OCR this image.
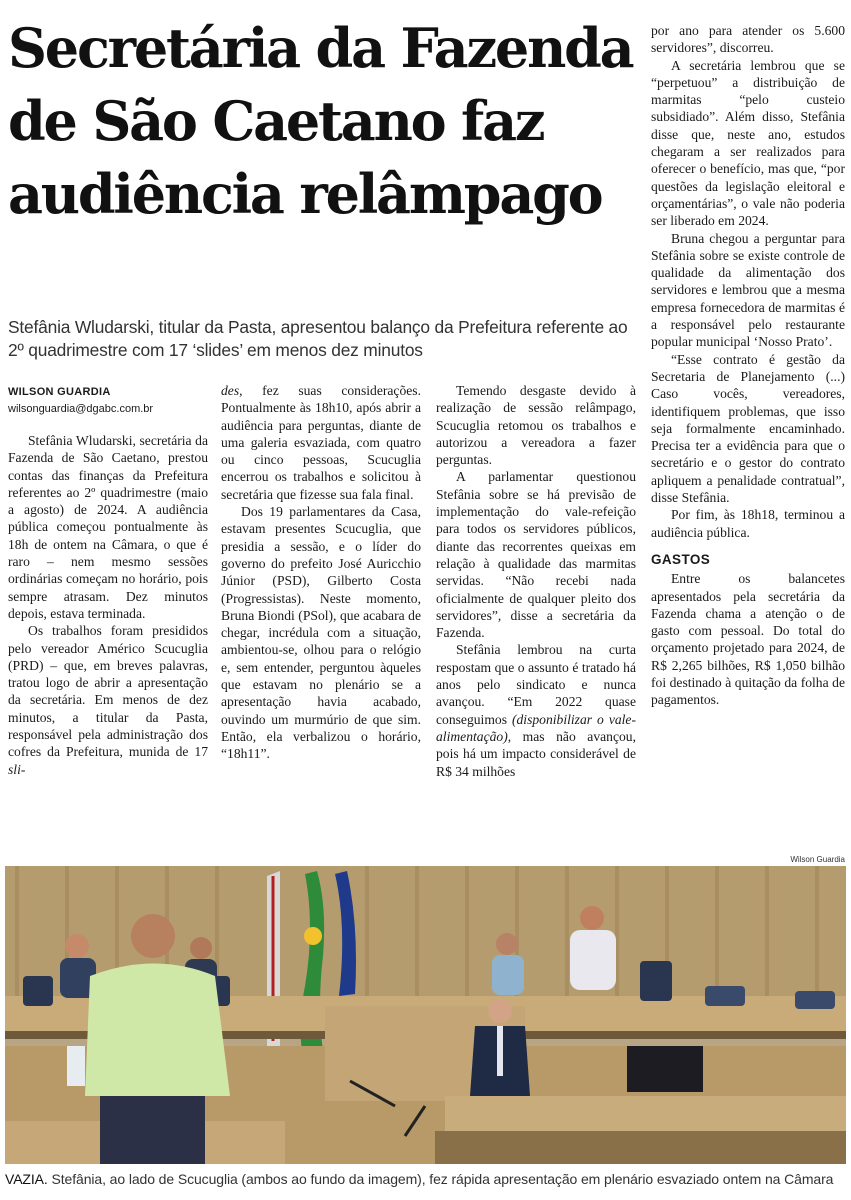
Secretária da Fazenda de São Caetano faz audiência relâmpago

Stefânia Wludarski, titular da Pasta, apresentou balanço da Prefeitura referente ao 2º quadrimestre com 17 ‘slides’ em menos dez minutos

WILSON GUARDIA
wilsonguardia@dgabc.com.br

Stefânia Wludarski, secretária da Fazenda de São Caetano, prestou contas das finanças da Prefeitura referentes ao 2º quadrimestre (maio a agosto) de 2024. A audiência pública começou pontualmente às 18h de ontem na Câmara, o que é raro – nem mesmo sessões ordinárias começam no horário, pois sempre atrasam. Dez minutos depois, estava terminada.

Os trabalhos foram presididos pelo vereador Américo Scucuglia (PRD) – que, em breves palavras, tratou logo de abrir a apresentação da secretária. Em menos de dez minutos, a titular da Pasta, responsável pela administração dos cofres da Prefeitura, munida de 17 sli-

des, fez suas considerações. Pontualmente às 18h10, após abrir a audiência para perguntas, diante de uma galeria esvaziada, com quatro ou cinco pessoas, Scucuglia encerrou os trabalhos e solicitou à secretária que fizesse sua fala final.

Dos 19 parlamentares da Casa, estavam presentes Scucuglia, que presidia a sessão, e o líder do governo do prefeito José Auricchio Júnior (PSD), Gilberto Costa (Progressistas). Neste momento, Bruna Biondi (PSol), que acabara de chegar, incrédula com a situação, ambientou-se, olhou para o relógio e, sem entender, perguntou àqueles que estavam no plenário se a apresentação havia acabado, ouvindo um murmúrio de que sim. Então, ela verbalizou o horário, “18h11”.

Temendo desgaste devido à realização de sessão relâmpago, Scucuglia retomou os trabalhos e autorizou a vereadora a fazer perguntas.

A parlamentar questionou Stefânia sobre se há previsão de implementação do vale-refeição para todos os servidores públicos, diante das recorrentes queixas em relação à qualidade das marmitas servidas. “Não recebi nada oficialmente de qualquer pleito dos servidores”, disse a secretária da Fazenda.

Stefânia lembrou na curta respostam que o assunto é tratado há anos pelo sindicato e nunca avançou. “Em 2022 quase conseguimos (disponibilizar o vale-alimentação), mas não avançou, pois há um impacto considerável de R$ 34 milhões

por ano para atender os 5.600 servidores”, discorreu.

A secretária lembrou que se “perpetuou” a distribuição de marmitas “pelo custeio subsidiado”. Além disso, Stefânia disse que, neste ano, estudos chegaram a ser realizados para oferecer o benefício, mas que, “por questões da legislação eleitoral e orçamentárias”, o vale não poderia ser liberado em 2024.

Bruna chegou a perguntar para Stefânia sobre se existe controle de qualidade da alimentação dos servidores e lembrou que a mesma empresa fornecedora de marmitas é a responsável pelo restaurante popular municipal ‘Nosso Prato’.

“Esse contrato é gestão da Secretaria de Planejamento (...) Caso vocês, vereadores, identifiquem problemas, que isso seja formalmente encaminhado. Precisa ter a evidência para que o secretário e o gestor do contrato apliquem a penalidade contratual”, disse Stefânia.

Por fim, às 18h18, terminou a audiência pública.

GASTOS

Entre os balancetes apresentados pela secretária da Fazenda chama a atenção o de gasto com pessoal. Do total do orçamento projetado para 2024, de R$ 2,265 bilhões, R$ 1,050 bilhão foi destinado à quitação da folha de pagamentos.

Wilson Guardia
VAZIA. Stefânia, ao lado de Scucuglia (ambos ao fundo da imagem), fez rápida apresentação em plenário esvaziado ontem na Câmara
